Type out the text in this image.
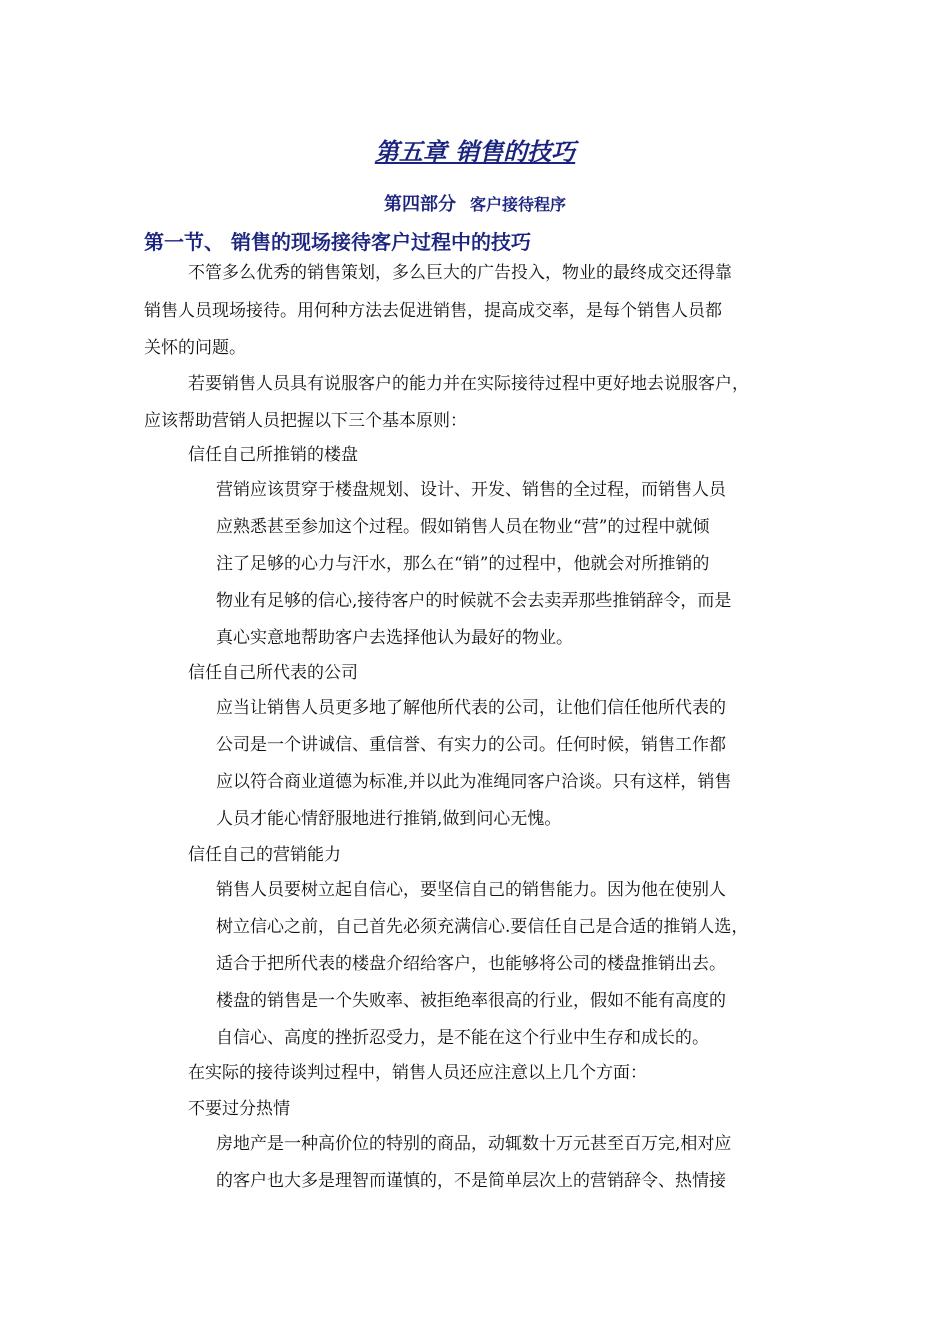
第五章 销售的技巧
第四部分 客户接待程序
第一节、 销售的现场接待客户过程中的技巧
不管多么优秀的销售策划，多么巨大的广告投入，物业的最终成交还得靠
销售人员现场接待。用何种方法去促进销售，提高成交率，是每个销售人员都
关怀的问题。
若要销售人员具有说服客户的能力并在实际接待过程中更好地去说服客户，
应该帮助营销人员把握以下三个基本原则：
信任自己所推销的楼盘
营销应该贯穿于楼盘规划、设计、开发、销售的全过程，而销售人员
应熟悉甚至参加这个过程。假如销售人员在物业“营”的过程中就倾
注了足够的心力与汗水，那么在“销”的过程中，他就会对所推销的
物业有足够的信心,接待客户的时候就不会去卖弄那些推销辞令，而是
真心实意地帮助客户去选择他认为最好的物业。
信任自己所代表的公司
应当让销售人员更多地了解他所代表的公司，让他们信任他所代表的
公司是一个讲诚信、重信誉、有实力的公司。任何时候，销售工作都
应以符合商业道德为标准,并以此为准绳同客户洽谈。只有这样，销售
人员才能心情舒服地进行推销,做到问心无愧。
信任自己的营销能力
销售人员要树立起自信心，要坚信自己的销售能力。因为他在使别人
树立信心之前，自己首先必须充满信心.要信任自己是合适的推销人选，
适合于把所代表的楼盘介绍给客户，也能够将公司的楼盘推销出去。
楼盘的销售是一个失败率、被拒绝率很高的行业，假如不能有高度的
自信心、高度的挫折忍受力，是不能在这个行业中生存和成长的。
在实际的接待谈判过程中，销售人员还应注意以上几个方面：
不要过分热情
房地产是一种高价位的特别的商品，动辄数十万元甚至百万完,相对应
的客户也大多是理智而谨慎的，不是简单层次上的营销辞令、热情接
